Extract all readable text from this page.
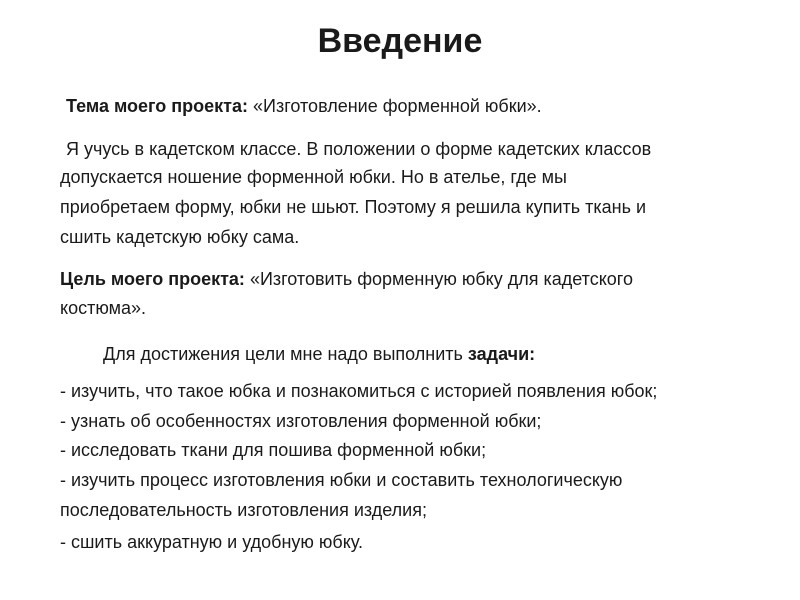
Введение
Тема моего проекта: «Изготовление форменной юбки».
Я учусь в кадетском классе. В положении о форме кадетских классов
допускается ношение форменной юбки. Но в ателье, где мы
приобретаем форму, юбки не шьют. Поэтому я решила купить ткань и
сшить кадетскую юбку сама.
Цель моего проекта: «Изготовить форменную юбку для кадетского
костюма».
Для достижения цели мне надо выполнить задачи:
- изучить, что такое юбка и познакомиться с историей появления юбок;
- узнать об особенностях изготовления форменной юбки;
- исследовать ткани для пошива форменной юбки;
- изучить процесс изготовления юбки и составить технологическую
последовательность изготовления изделия;
- сшить аккуратную и удобную юбку.
